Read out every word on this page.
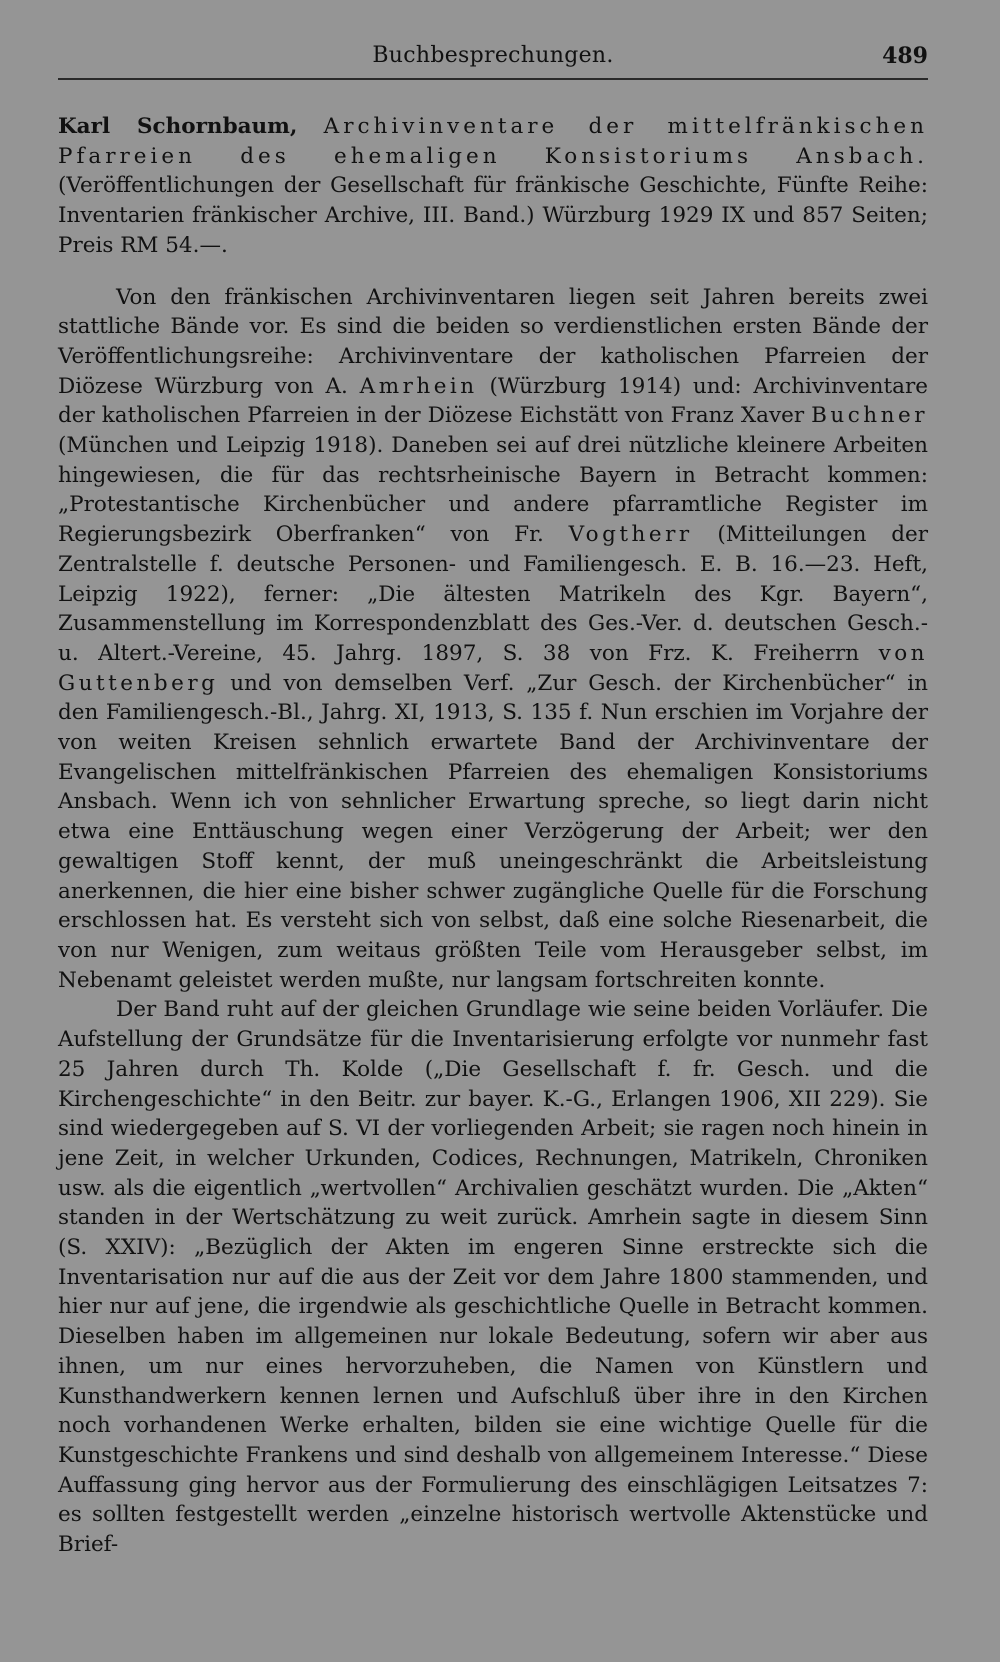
Buchbesprechungen.	489

Karl Schornbaum, Archivinventare der mittelfränkischen Pfarreien des ehemaligen Konsistoriums Ansbach. (Veröffentlichungen der Gesellschaft für fränkische Geschichte, Fünfte Reihe: Inventarien fränkischer Archive, III. Band.) Würzburg 1929 IX und 857 Seiten; Preis RM 54.—.

Von den fränkischen Archivinventaren liegen seit Jahren bereits zwei stattliche Bände vor. Es sind die beiden so verdienstlichen ersten Bände der Veröffentlichungsreihe: Archivinventare der katholischen Pfarreien der Diözese Würzburg von A. Amrhein (Würzburg 1914) und: Archivinventare der katholischen Pfarreien in der Diözese Eichstätt von Franz Xaver Buchner (München und Leipzig 1918). Daneben sei auf drei nützliche kleinere Arbeiten hingewiesen, die für das rechtsrheinische Bayern in Betracht kommen: „Protestantische Kirchenbücher und andere pfarramtliche Register im Regierungsbezirk Oberfranken“ von Fr. Vogtherr (Mitteilungen der Zentralstelle f. deutsche Personen- und Familiengesch. E. B. 16.—23. Heft, Leipzig 1922), ferner: „Die ältesten Matrikeln des Kgr. Bayern“, Zusammenstellung im Korrespondenzblatt des Ges.-Ver. d. deutschen Gesch.- u. Altert.-Vereine, 45. Jahrg. 1897, S. 38 von Frz. K. Freiherrn von Guttenberg und von demselben Verf. „Zur Gesch. der Kirchenbücher“ in den Familiengesch.-Bl., Jahrg. XI, 1913, S. 135 f. Nun erschien im Vorjahre der von weiten Kreisen sehnlich erwartete Band der Archivinventare der Evangelischen mittelfränkischen Pfarreien des ehemaligen Konsistoriums Ansbach. Wenn ich von sehnlicher Erwartung spreche, so liegt darin nicht etwa eine Enttäuschung wegen einer Verzögerung der Arbeit; wer den gewaltigen Stoff kennt, der muß uneingeschränkt die Arbeitsleistung anerkennen, die hier eine bisher schwer zugängliche Quelle für die Forschung erschlossen hat. Es versteht sich von selbst, daß eine solche Riesenarbeit, die von nur Wenigen, zum weitaus größten Teile vom Herausgeber selbst, im Nebenamt geleistet werden mußte, nur langsam fortschreiten konnte.

Der Band ruht auf der gleichen Grundlage wie seine beiden Vorläufer. Die Aufstellung der Grundsätze für die Inventarisierung erfolgte vor nunmehr fast 25 Jahren durch Th. Kolde („Die Gesellschaft f. fr. Gesch. und die Kirchengeschichte“ in den Beitr. zur bayer. K.-G., Erlangen 1906, XII 229). Sie sind wiedergegeben auf S. VI der vorliegenden Arbeit; sie ragen noch hinein in jene Zeit, in welcher Urkunden, Codices, Rechnungen, Matrikeln, Chroniken usw. als die eigentlich „wertvollen“ Archivalien geschätzt wurden. Die „Akten“ standen in der Wertschätzung zu weit zurück. Amrhein sagte in diesem Sinn (S. XXIV): „Bezüglich der Akten im engeren Sinne erstreckte sich die Inventarisation nur auf die aus der Zeit vor dem Jahre 1800 stammenden, und hier nur auf jene, die irgendwie als geschichtliche Quelle in Betracht kommen. Dieselben haben im allgemeinen nur lokale Bedeutung, sofern wir aber aus ihnen, um nur eines hervorzuheben, die Namen von Künstlern und Kunsthandwerkern kennen lernen und Aufschluß über ihre in den Kirchen noch vorhandenen Werke erhalten, bilden sie eine wichtige Quelle für die Kunstgeschichte Frankens und sind deshalb von allgemeinem Interesse.“ Diese Auffassung ging hervor aus der Formulierung des einschlägigen Leitsatzes 7: es sollten festgestellt werden „einzelne historisch wertvolle Aktenstücke und Brief-
